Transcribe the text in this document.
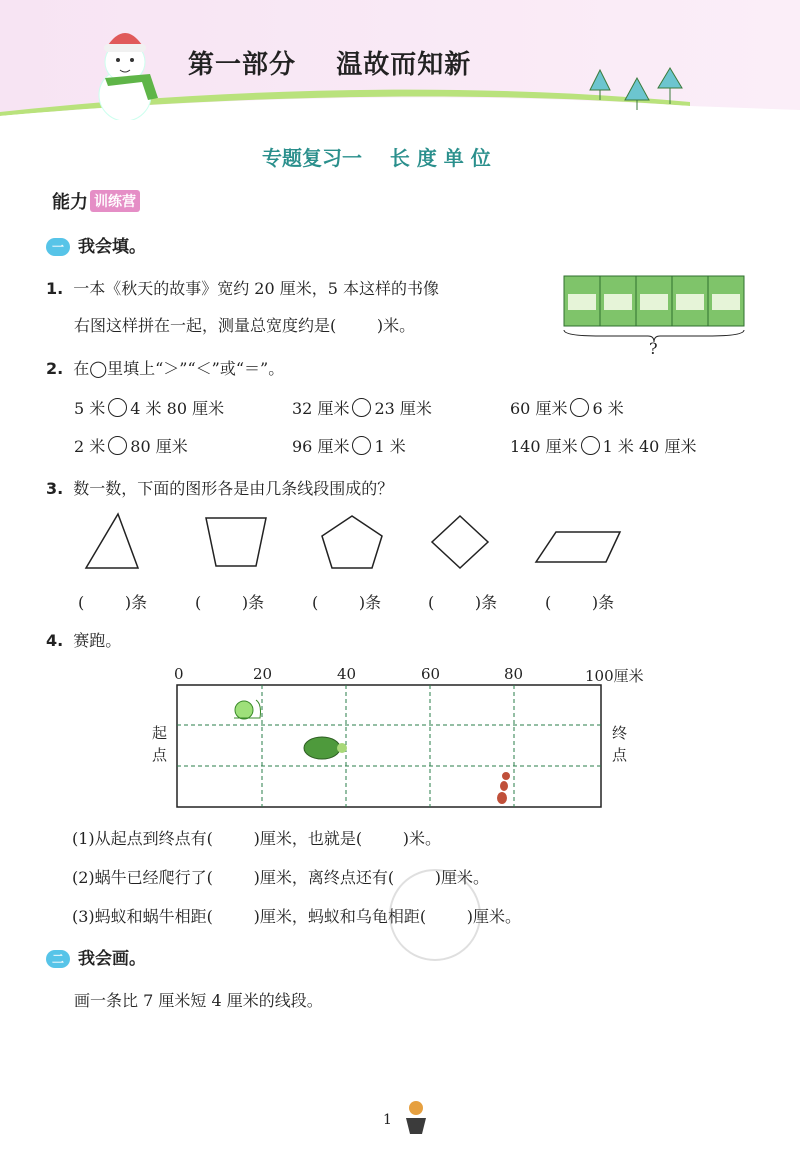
第一部分    温故而知新
专题复习一    长 度 单 位
能力 训练营
一 我会填。
1. 一本《秋天的故事》宽约 20 厘米，5 本这样的书像
右图这样拼在一起，测量总宽度约是(        )米。
?
2. 在◯里填上“＞”“＜”或“＝”。
5 米 4 米 80 厘米	32 厘米 23 厘米	60 厘米 6 米
2 米 80 厘米	96 厘米 1 米	140 厘米 1 米 40 厘米
3. 数一数，下面的图形各是由几条线段围成的？
(        )条	(        )条	(        )条	(        )条	(        )条
4. 赛跑。
0	20	40	60	80	100厘米
起
点
终
点
(1)从起点到终点有(        )厘米，也就是(        )米。
(2)蜗牛已经爬行了(        )厘米，离终点还有(        )厘米。
(3)蚂蚁和蜗牛相距(        )厘米，蚂蚁和乌龟相距(        )厘米。
二 我会画。
画一条比 7 厘米短 4 厘米的线段。
1
